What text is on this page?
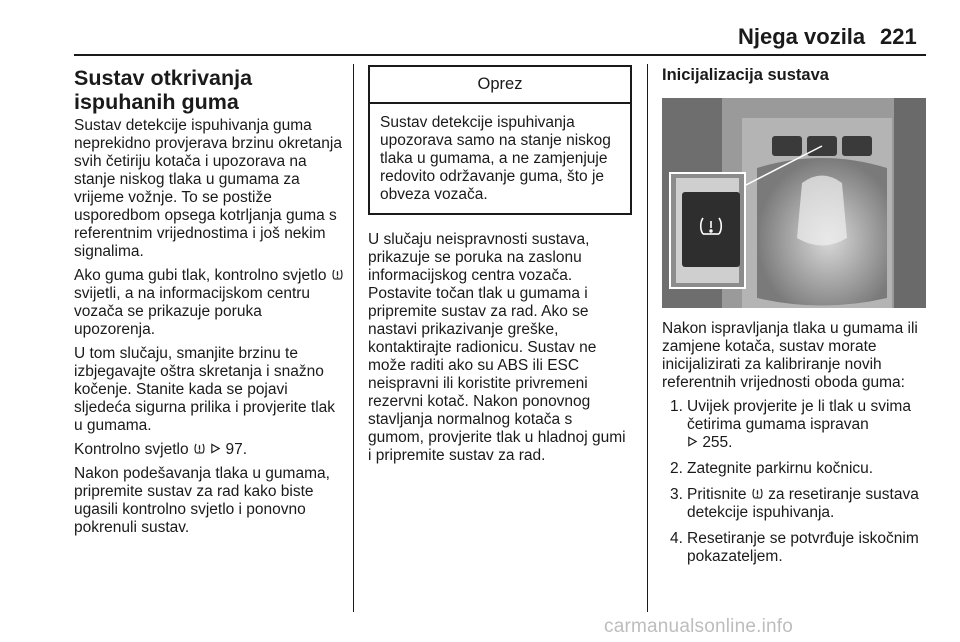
Njega vozila 221
Sustav otkrivanja ispuhanih guma

Sustav detekcije ispuhivanja guma neprekidno provjerava brzinu okretanja svih četiriju kotača i upozorava na stanje niskog tlaka u gumama za vrijeme vožnje. To se postiže usporedbom opsega kotrljanja guma s referentnim vrijednostima i još nekim signalima.

Ako guma gubi tlak, kontrolno svjetlo  svijetli, a na informacijskom centru vozača se prikazuje poruka upozorenja.

U tom slučaju, smanjite brzinu te izbjegavajte oštra skretanja i snažno kočenje. Stanite kada se pojavi sljedeća sigurna prilika i provjerite tlak u gumama.

Kontrolno svjetlo 97.

Nakon podešavanja tlaka u gumama, pripremite sustav za rad kako biste ugasili kontrolno svjetlo i ponovno pokrenuli sustav.

Oprez
Sustav detekcije ispuhivanja upozorava samo na stanje niskog tlaka u gumama, a ne zamjenjuje redovito održavanje guma, što je obveza vozača.

U slučaju neispravnosti sustava, prikazuje se poruka na zaslonu informacijskog centra vozača. Postavite točan tlak u gumama i pripremite sustav za rad. Ako se nastavi prikazivanje greške, kontaktirajte radionicu. Sustav ne može raditi ako su ABS ili ESC neispravni ili koristite privremeni rezervni kotač. Nakon ponovnog stavljanja normalnog kotača s gumom, provjerite tlak u hladnoj gumi i pripremite sustav za rad.

Inicijalizacija sustava

Nakon ispravljanja tlaka u gumama ili zamjene kotača, sustav morate inicijalizirati za kalibriranje novih referentnih vrijednosti oboda guma:

1. Uvijek provjerite je li tlak u svima četirima gumama ispravan
255.
2. Zategnite parkirnu kočnicu.
3. Pritisnite za resetiranje sustava detekcije ispuhivanja.
4. Resetiranje se potvrđuje iskočnim pokazateljem.
carmanualsonline.info
